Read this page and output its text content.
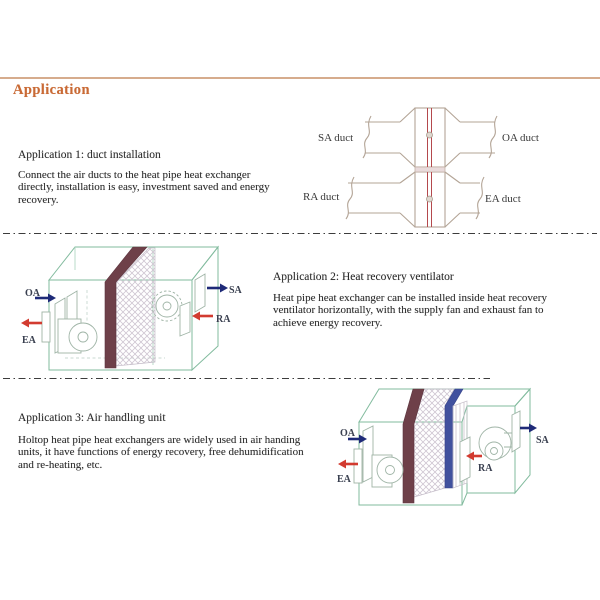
Application
Application 1: duct installation
Connect the air ducts to the heat pipe heat exchanger directly, installation is easy, investment saved and energy recovery.
Application 2: Heat recovery ventilator
Heat pipe heat exchanger can be installed inside heat recovery ventilator horizontally, with the supply fan and exhaust fan to achieve energy recovery.
Application 3: Air handling unit
Holtop heat pipe heat exchangers are widely used in air handing units, it have functions of energy recovery, free dehumidification and re-heating, etc.
SA duct	OA duct
RA duct	EA duct
OA
EA
SA
RA
OA
EA
RA
SA
